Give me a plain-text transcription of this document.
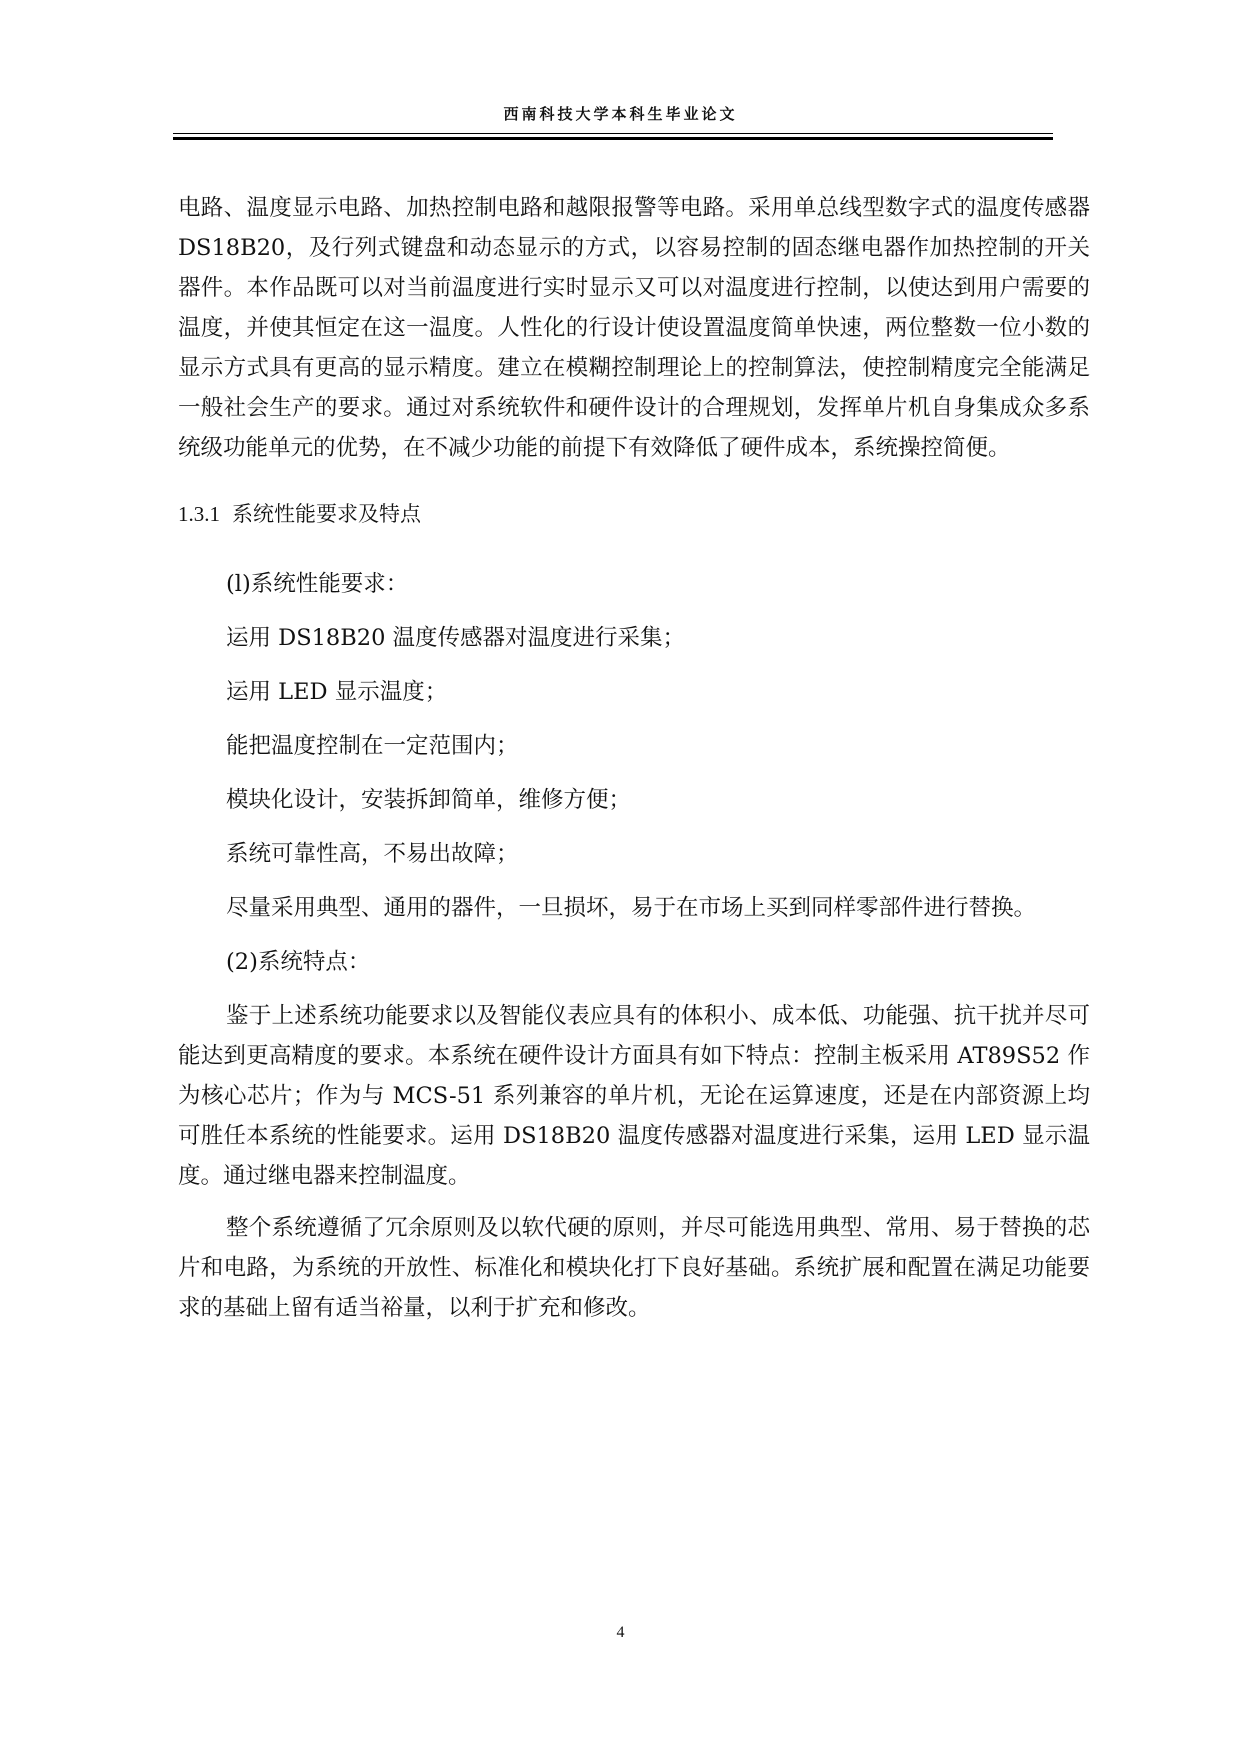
西南科技大学本科生毕业论文

电路、温度显示电路、加热控制电路和越限报警等电路。采用单总线型数字式的温度传感器 DS18B20，及行列式键盘和动态显示的方式，以容易控制的固态继电器作加热控制的开关器件。本作品既可以对当前温度进行实时显示又可以对温度进行控制，以使达到用户需要的温度，并使其恒定在这一温度。人性化的行设计使设置温度简单快速，两位整数一位小数的显示方式具有更高的显示精度。建立在模糊控制理论上的控制算法，使控制精度完全能满足一般社会生产的要求。通过对系统软件和硬件设计的合理规划，发挥单片机自身集成众多系统级功能单元的优势，在不减少功能的前提下有效降低了硬件成本，系统操控简便。

1.3.1 系统性能要求及特点

(l)系统性能要求：

运用 DS18B20 温度传感器对温度进行采集；

运用 LED 显示温度；

能把温度控制在一定范围内；

模块化设计，安装拆卸简单，维修方便；

系统可靠性高，不易出故障；

尽量采用典型、通用的器件，一旦损坏，易于在市场上买到同样零部件进行替换。

(2)系统特点：

鉴于上述系统功能要求以及智能仪表应具有的体积小、成本低、功能强、抗干扰并尽可能达到更高精度的要求。本系统在硬件设计方面具有如下特点：控制主板采用 AT89S52 作为核心芯片；作为与 MCS-51 系列兼容的单片机，无论在运算速度，还是在内部资源上均可胜任本系统的性能要求。运用 DS18B20 温度传感器对温度进行采集，运用 LED 显示温度。通过继电器来控制温度。

整个系统遵循了冗余原则及以软代硬的原则，并尽可能选用典型、常用、易于替换的芯片和电路，为系统的开放性、标准化和模块化打下良好基础。系统扩展和配置在满足功能要求的基础上留有适当裕量，以利于扩充和修改。

4
